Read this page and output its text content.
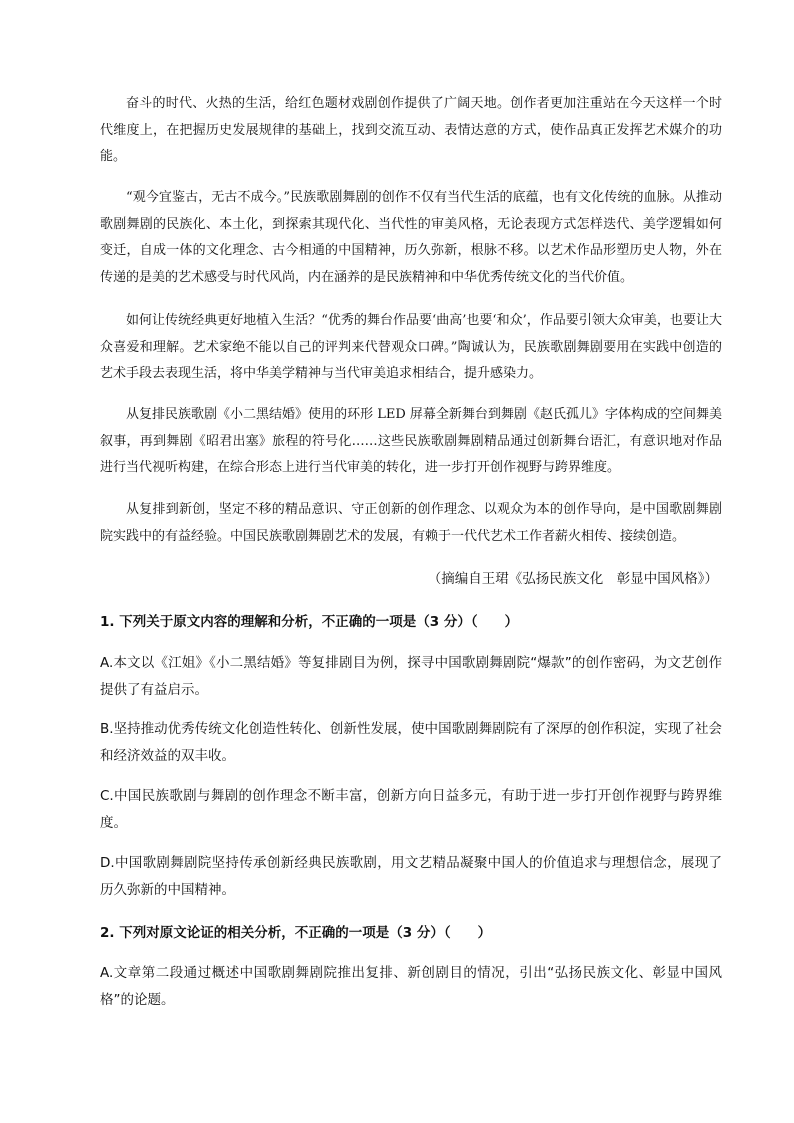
奋斗的时代、火热的生活，给红色题材戏剧创作提供了广阔天地。创作者更加注重站在今天这样一个时代维度上，在把握历史发展规律的基础上，找到交流互动、表情达意的方式，使作品真正发挥艺术媒介的功能。

“观今宜鉴古，无古不成今。”民族歌剧舞剧的创作不仅有当代生活的底蕴，也有文化传统的血脉。从推动歌剧舞剧的民族化、本土化，到探索其现代化、当代性的审美风格，无论表现方式怎样迭代、美学逻辑如何变迁，自成一体的文化理念、古今相通的中国精神，历久弥新，根脉不移。以艺术作品形塑历史人物，外在传递的是美的艺术感受与时代风尚，内在涵养的是民族精神和中华优秀传统文化的当代价值。

如何让传统经典更好地植入生活？“优秀的舞台作品要‘曲高’也要‘和众’，作品要引领大众审美，也要让大众喜爱和理解。艺术家绝不能以自己的评判来代替观众口碑。”陶诚认为，民族歌剧舞剧要用在实践中创造的艺术手段去表现生活，将中华美学精神与当代审美追求相结合，提升感染力。

从复排民族歌剧《小二黑结婚》使用的环形 LED 屏幕全新舞台到舞剧《赵氏孤儿》字体构成的空间舞美叙事，再到舞剧《昭君出塞》旅程的符号化……这些民族歌剧舞剧精品通过创新舞台语汇，有意识地对作品进行当代视听构建，在综合形态上进行当代审美的转化，进一步打开创作视野与跨界维度。

从复排到新创，坚定不移的精品意识、守正创新的创作理念、以观众为本的创作导向，是中国歌剧舞剧院实践中的有益经验。中国民族歌剧舞剧艺术的发展，有赖于一代代艺术工作者薪火相传、接续创造。

（摘编自王珺《弘扬民族文化　彰显中国风格》）

1. 下列关于原文内容的理解和分析，不正确的一项是（3 分）（　　）

A.本文以《江姐》《小二黑结婚》等复排剧目为例，探寻中国歌剧舞剧院“爆款”的创作密码，为文艺创作提供了有益启示。

B.坚持推动优秀传统文化创造性转化、创新性发展，使中国歌剧舞剧院有了深厚的创作积淀，实现了社会和经济效益的双丰收。

C.中国民族歌剧与舞剧的创作理念不断丰富，创新方向日益多元，有助于进一步打开创作视野与跨界维度。

D.中国歌剧舞剧院坚持传承创新经典民族歌剧，用文艺精品凝聚中国人的价值追求与理想信念，展现了历久弥新的中国精神。

2. 下列对原文论证的相关分析，不正确的一项是（3 分）（　　）

A.文章第二段通过概述中国歌剧舞剧院推出复排、新创剧目的情况，引出“弘扬民族文化、彰显中国风格”的论题。
